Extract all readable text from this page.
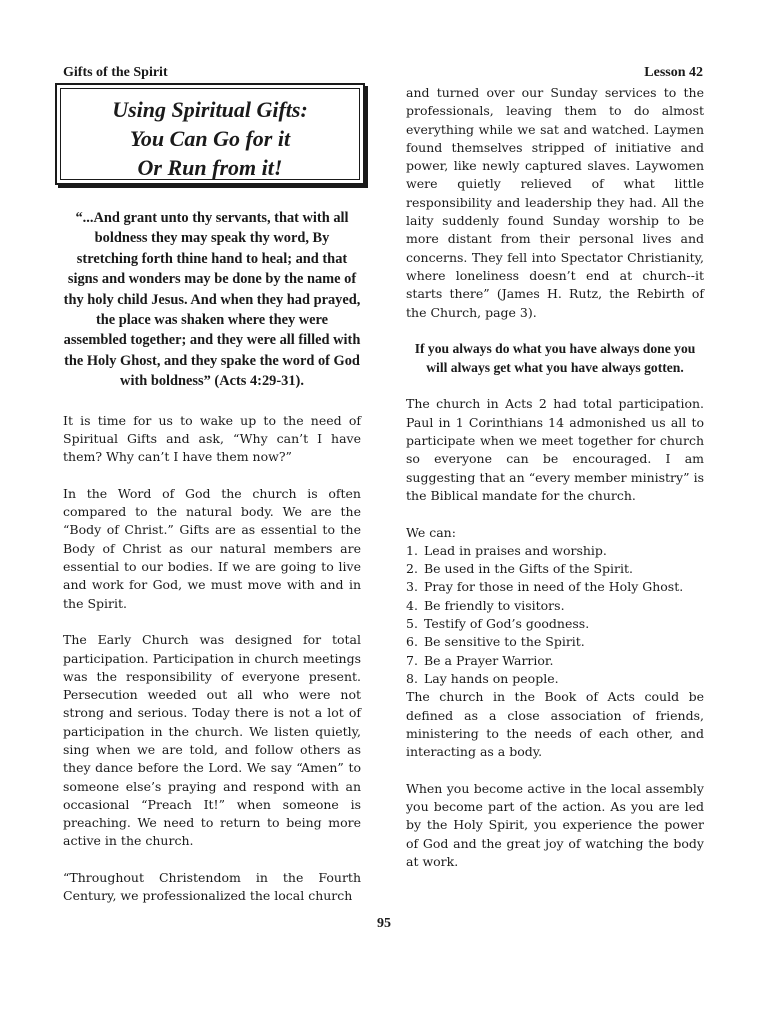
Gifts of the Spirit	Lesson 42
Using Spiritual Gifts:
You Can Go for it
Or Run from it!

“...And grant unto thy servants, that with all boldness they may speak thy word, By stretching forth thine hand to heal; and that signs and wonders may be done by the name of thy holy child Jesus. And when they had prayed, the place was shaken where they were assembled together; and they were all filled with the Holy Ghost, and they spake the word of God with boldness” (Acts 4:29-31).

It is time for us to wake up to the need of Spiritual Gifts and ask, “Why can’t I have them? Why can’t I have them now?”

In the Word of God the church is often compared to the natural body. We are the “Body of Christ.” Gifts are as essential to the Body of Christ as our natural members are essential to our bodies. If we are going to live and work for God, we must move with and in the Spirit.

The Early Church was designed for total participation. Participation in church meetings was the responsibility of everyone present. Persecution weeded out all who were not strong and serious. Today there is not a lot of participation in the church. We listen quietly, sing when we are told, and follow others as they dance before the Lord. We say “Amen” to someone else’s praying and respond with an occasional “Preach It!” when someone is preaching. We need to return to being more active in the church.

“Throughout Christendom in the Fourth Century, we professionalized the local church

and turned over our Sunday services to the professionals, leaving them to do almost everything while we sat and watched. Laymen found themselves stripped of initiative and power, like newly captured slaves. Laywomen were quietly relieved of what little responsibility and leadership they had. All the laity suddenly found Sunday worship to be more distant from their personal lives and concerns. They fell into Spectator Christianity, where loneliness doesn’t end at church--it starts there” (James H. Rutz, the Rebirth of the Church, page 3).

If you always do what you have always done you will always get what you have always gotten.

The church in Acts 2 had total participation. Paul in 1 Corinthians 14 admonished us all to participate when we meet together for church so everyone can be encouraged. I am suggesting that an “every member ministry” is the Biblical mandate for the church.

We can:

1. Lead in praises and worship.
2. Be used in the Gifts of the Spirit.
3. Pray for those in need of the Holy Ghost.
4. Be friendly to visitors.
5. Testify of God’s goodness.
6. Be sensitive to the Spirit.
7. Be a Prayer Warrior.
8. Lay hands on people.

The church in the Book of Acts could be defined as a close association of friends, ministering to the needs of each other, and interacting as a body.

When you become active in the local assembly you become part of the action. As you are led by the Holy Spirit, you experience the power of God and the great joy of watching the body at work.

95
